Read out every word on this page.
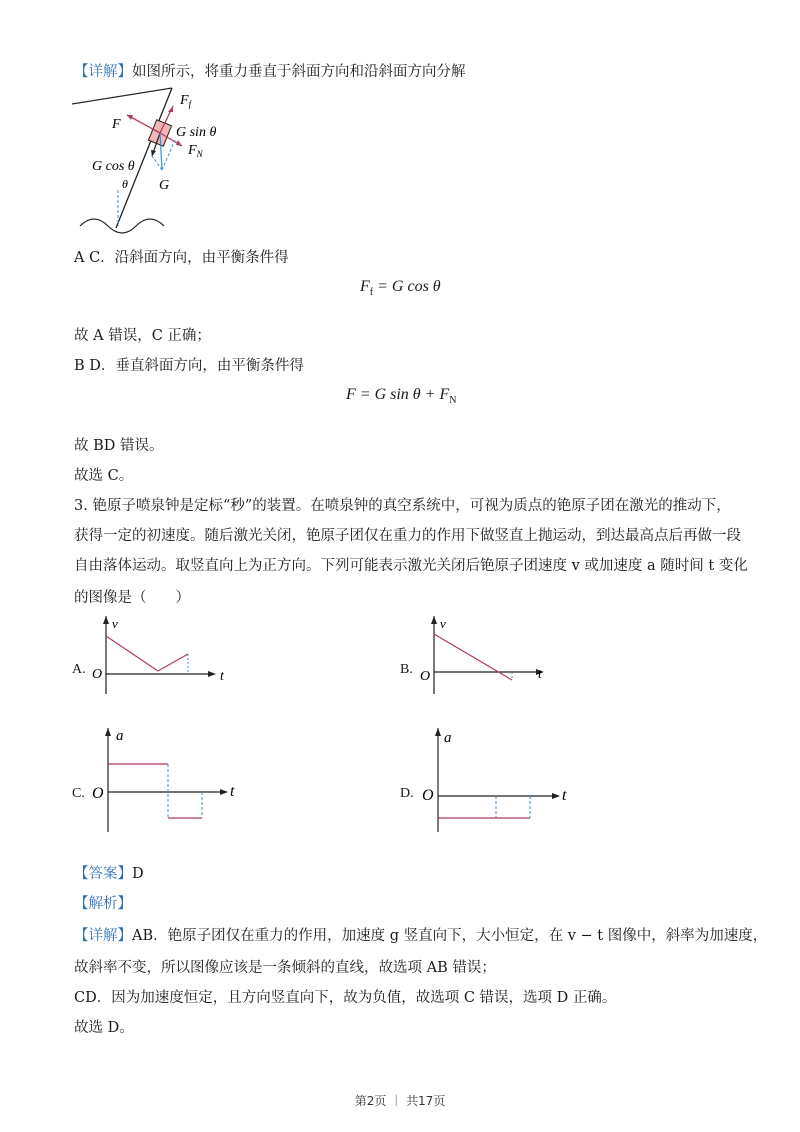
【详解】如图所示，将重力垂直于斜面方向和沿斜面方向分解
$F_f$
F
G sin θ
$F_N$
G cos θ
θ G
A C．沿斜面方向，由平衡条件得
$F_f = G$ cos θ
故 A 错误，C 正确；
B D．垂直斜面方向，由平衡条件得
F = G $\sin \theta + F_N$
故 BD 错误。
故选 C。
3. 铯原子喷泉钟是定标“秒”的装置。在喷泉钟的真空系统中，可视为质点的铯原子团在激光的推动下，
获得一定的初速度。随后激光关闭，铯原子团仅在重力的作用下做竖直上抛运动，到达最高点后再做一段
自由落体运动。取竖直向上为正方向。下列可能表示激光关闭后铯原子团速度 v 或加速度 a 随时间 t 变化
的图像是（　　）
A.
v
t
O	B.
v
t
O
C.
a
t
O	D.
a
t
O
【答案】D
【解析】
【详解】AB．铯原子团仅在重力的作用，加速度 g 竖直向下，大小恒定，在 v − t 图像中，斜率为加速度，
故斜率不变，所以图像应该是一条倾斜的直线，故选项 AB 错误；
CD．因为加速度恒定，且方向竖直向下，故为负值，故选项 C 错误，选项 D 正确。
故选 D。
第2页 ｜ 共17页
